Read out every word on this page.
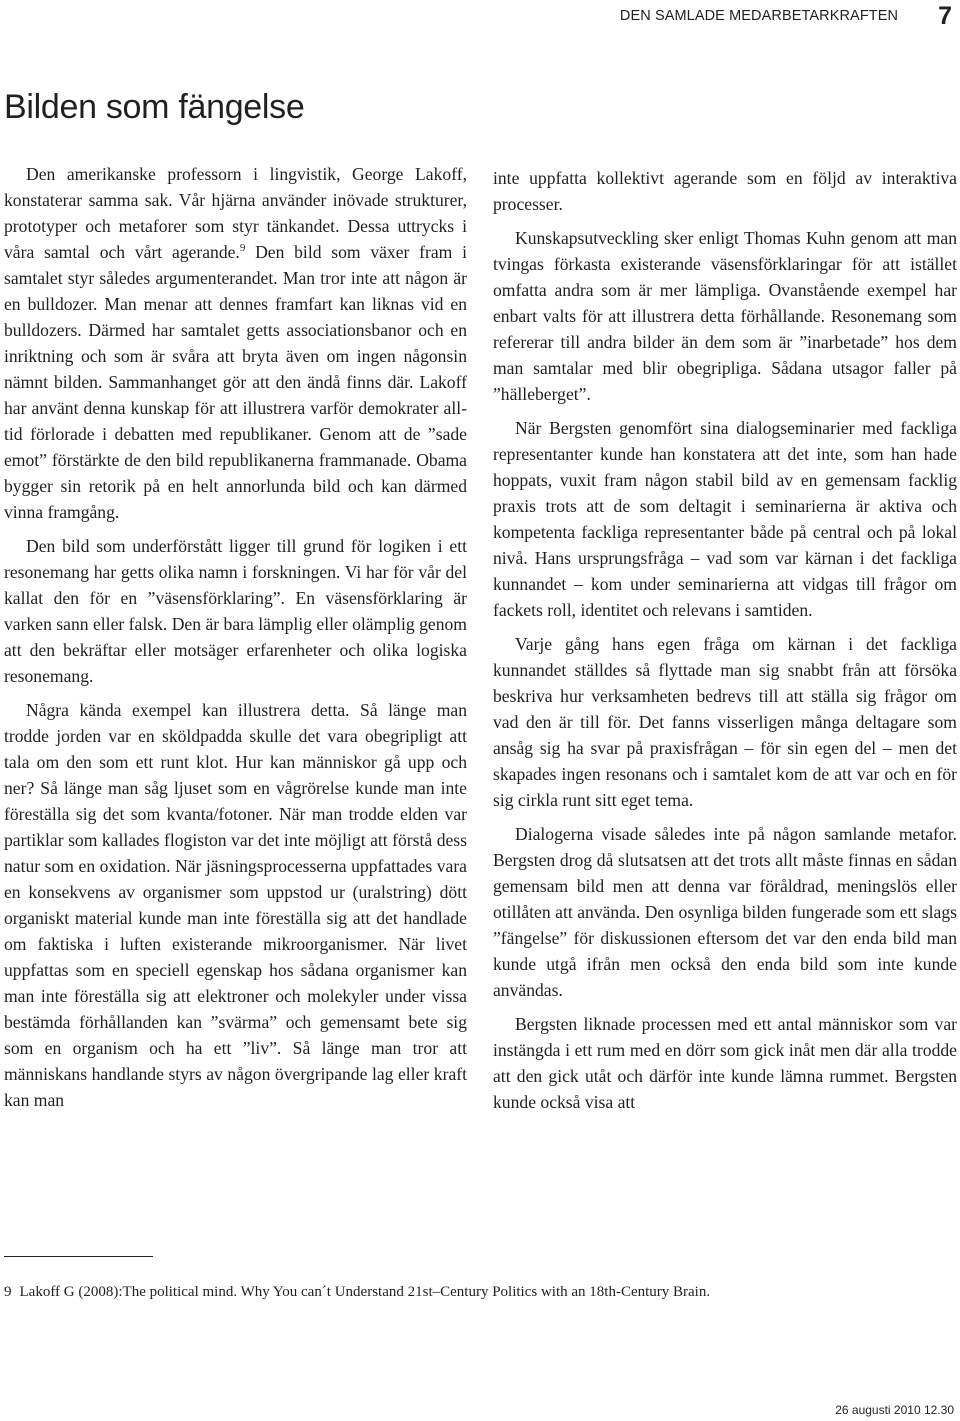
DEN SAMLADE MEDARBETARKRAFTEN 7
Bilden som fängelse

Den amerikanske professorn i lingvistik, George Lakoff, konstaterar samma sak. Vår hjärna använder inövade strukturer, prototyper och metaforer som styr tänkandet. Dessa uttrycks i våra samtal och vårt agerande.$^9$ Den bild som växer fram i samtalet styr således argumenterandet. Man tror inte att någon är en bulldozer. Man menar att dennes framfart kan liknas vid en bulldozers. Därmed har samtalet getts associationsbanor och en inriktning och som är svåra att bryta även om ingen någonsin nämnt bilden. Sammanhanget gör att den ändå finns där. Lakoff har använt denna kunskap för att illustrera varför demokrater alltid förlorade i debatten med republikaner. Genom att de ”sade emot” förstärkte de den bild republikanerna frammanade. Obama bygger sin retorik på en helt annorlunda bild och kan därmed vinna framgång.

Den bild som underförstått ligger till grund för logiken i ett resonemang har getts olika namn i forskningen. Vi har för vår del kallat den för en ”väsensförklaring”. En väsensförklaring är varken sann eller falsk. Den är bara lämplig eller olämplig genom att den bekräftar eller motsäger erfarenheter och olika logiska resonemang.

Några kända exempel kan illustrera detta. Så länge man trodde jorden var en sköldpadda skulle det vara obegripligt att tala om den som ett runt klot. Hur kan människor gå upp och ner? Så länge man såg ljuset som en vågrörelse kunde man inte föreställa sig det som kvanta/fotoner. När man trodde elden var partiklar som kallades flogiston var det inte möjligt att förstå dess natur som en oxidation. När jäsningsprocesserna uppfattades vara en konsekvens av organismer som uppstod ur (uralstring) dött organiskt material kunde man inte föreställa sig att det handlade om faktiska i luften existerande mikroorganismer. När livet uppfattas som en speciell egenskap hos sådana organismer kan man inte föreställa sig att elektroner och molekyler under vissa bestämda förhållanden kan ”svärma” och gemensamt bete sig som en organism och ha ett ”liv”. Så länge man tror att människans handlande styrs av någon övergripande lag eller kraft kan man

inte uppfatta kollektivt agerande som en följd av interaktiva processer.

Kunskapsutveckling sker enligt Thomas Kuhn genom att man tvingas förkasta existerande väsensförklaringar för att istället omfatta andra som är mer lämpliga. Ovanstående exempel har enbart valts för att illustrera detta förhållande. Resonemang som refererar till andra bilder än dem som är ”inarbetade” hos dem man samtalar med blir obegripliga. Sådana utsagor faller på ”hälleberget”.

När Bergsten genomfört sina dialogseminarier med fackliga representanter kunde han konstatera att det inte, som han hade hoppats, vuxit fram någon stabil bild av en gemensam facklig praxis trots att de som deltagit i seminarierna är aktiva och kompetenta fackliga representanter både på central och på lokal nivå. Hans ursprungsfråga – vad som var kärnan i det fackliga kunnandet – kom under seminarierna att vidgas till frågor om fackets roll, identitet och relevans i samtiden.

Varje gång hans egen fråga om kärnan i det fackliga kunnandet ställdes så flyttade man sig snabbt från att försöka beskriva hur verksamheten bedrevs till att ställa sig frågor om vad den är till för. Det fanns visserligen många deltagare som ansåg sig ha svar på praxisfrågan – för sin egen del – men det skapades ingen resonans och i samtalet kom de att var och en för sig cirkla runt sitt eget tema.

Dialogerna visade således inte på någon samlande metafor. Bergsten drog då slutsatsen att det trots allt måste finnas en sådan gemensam bild men att denna var föråldrad, meningslös eller otillåten att använda. Den osynliga bilden fungerade som ett slags ”fängelse” för diskussionen eftersom det var den enda bild man kunde utgå ifrån men också den enda bild som inte kunde användas.

Bergsten liknade processen med ett antal människor som var instängda i ett rum med en dörr som gick inåt men där alla trodde att den gick utåt och därför inte kunde lämna rummet. Bergsten kunde också visa att

9 Lakoff G (2008):The political mind. Why You can´t Understand 21st–Century Politics with an 18th-Century Brain.
26 augusti 2010 12.30
